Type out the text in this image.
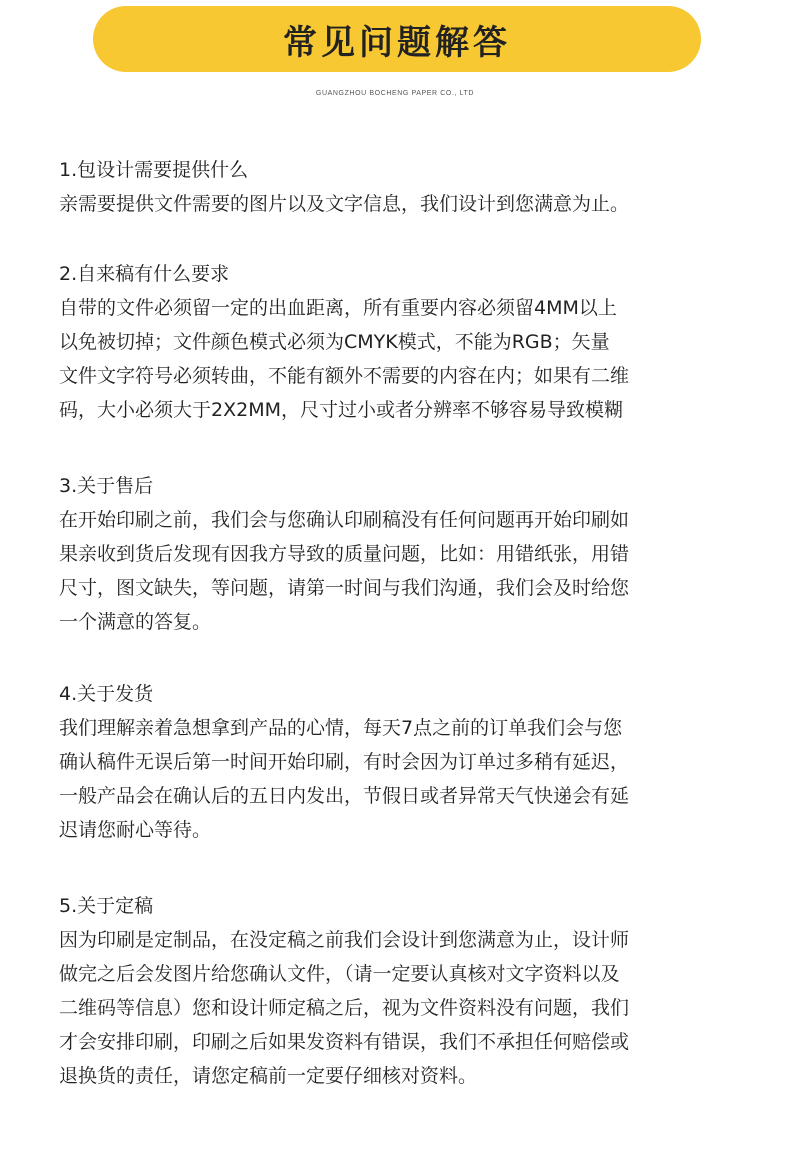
常见问题解答
GUANGZHOU BOCHENG PAPER CO., LTD
1.包设计需要提供什么
亲需要提供文件需要的图片以及文字信息，我们设计到您满意为止。
2.自来稿有什么要求
自带的文件必须留一定的出血距离，所有重要内容必须留4MM以上
以免被切掉；文件颜色模式必须为CMYK模式，不能为RGB；矢量
文件文字符号必须转曲，不能有额外不需要的内容在内；如果有二维
码，大小必须大于2X2MM，尺寸过小或者分辨率不够容易导致模糊
3.关于售后
在开始印刷之前，我们会与您确认印刷稿没有任何问题再开始印刷如
果亲收到货后发现有因我方导致的质量问题，比如：用错纸张，用错
尺寸，图文缺失，等问题，请第一时间与我们沟通，我们会及时给您
一个满意的答复。
4.关于发货
我们理解亲着急想拿到产品的心情，每天7点之前的订单我们会与您
确认稿件无误后第一时间开始印刷，有时会因为订单过多稍有延迟，
一般产品会在确认后的五日内发出，节假日或者异常天气快递会有延
迟请您耐心等待。
5.关于定稿
因为印刷是定制品，在没定稿之前我们会设计到您满意为止，设计师
做完之后会发图片给您确认文件，（请一定要认真核对文字资料以及
二维码等信息）您和设计师定稿之后，视为文件资料没有问题，我们
才会安排印刷，印刷之后如果发资料有错误，我们不承担任何赔偿或
退换货的责任，请您定稿前一定要仔细核对资料。
